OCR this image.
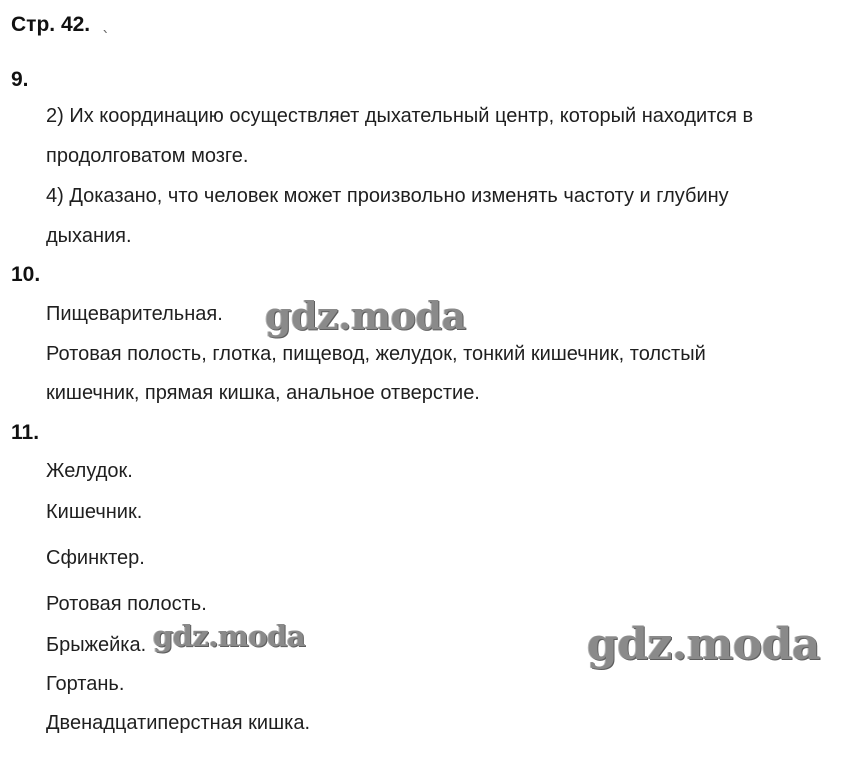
Стр. 42. ˎ
9.
2) Их координацию осуществляет дыхательный центр, который находится в
продолговатом мозге.
4) Доказано, что человек может произвольно изменять частоту и глубину
дыхания.
10.
Пищеварительная.
Ротовая полость, глотка, пищевод, желудок, тонкий кишечник, толстый
кишечник, прямая кишка, анальное отверстие.
11.
Желудок.
Кишечник.
Сфинктер.
Ротовая полость.
Брыжейка.
Гортань.
Двенадцатиперстная кишка.
gdz.moda
gdz.moda	gdz.moda
